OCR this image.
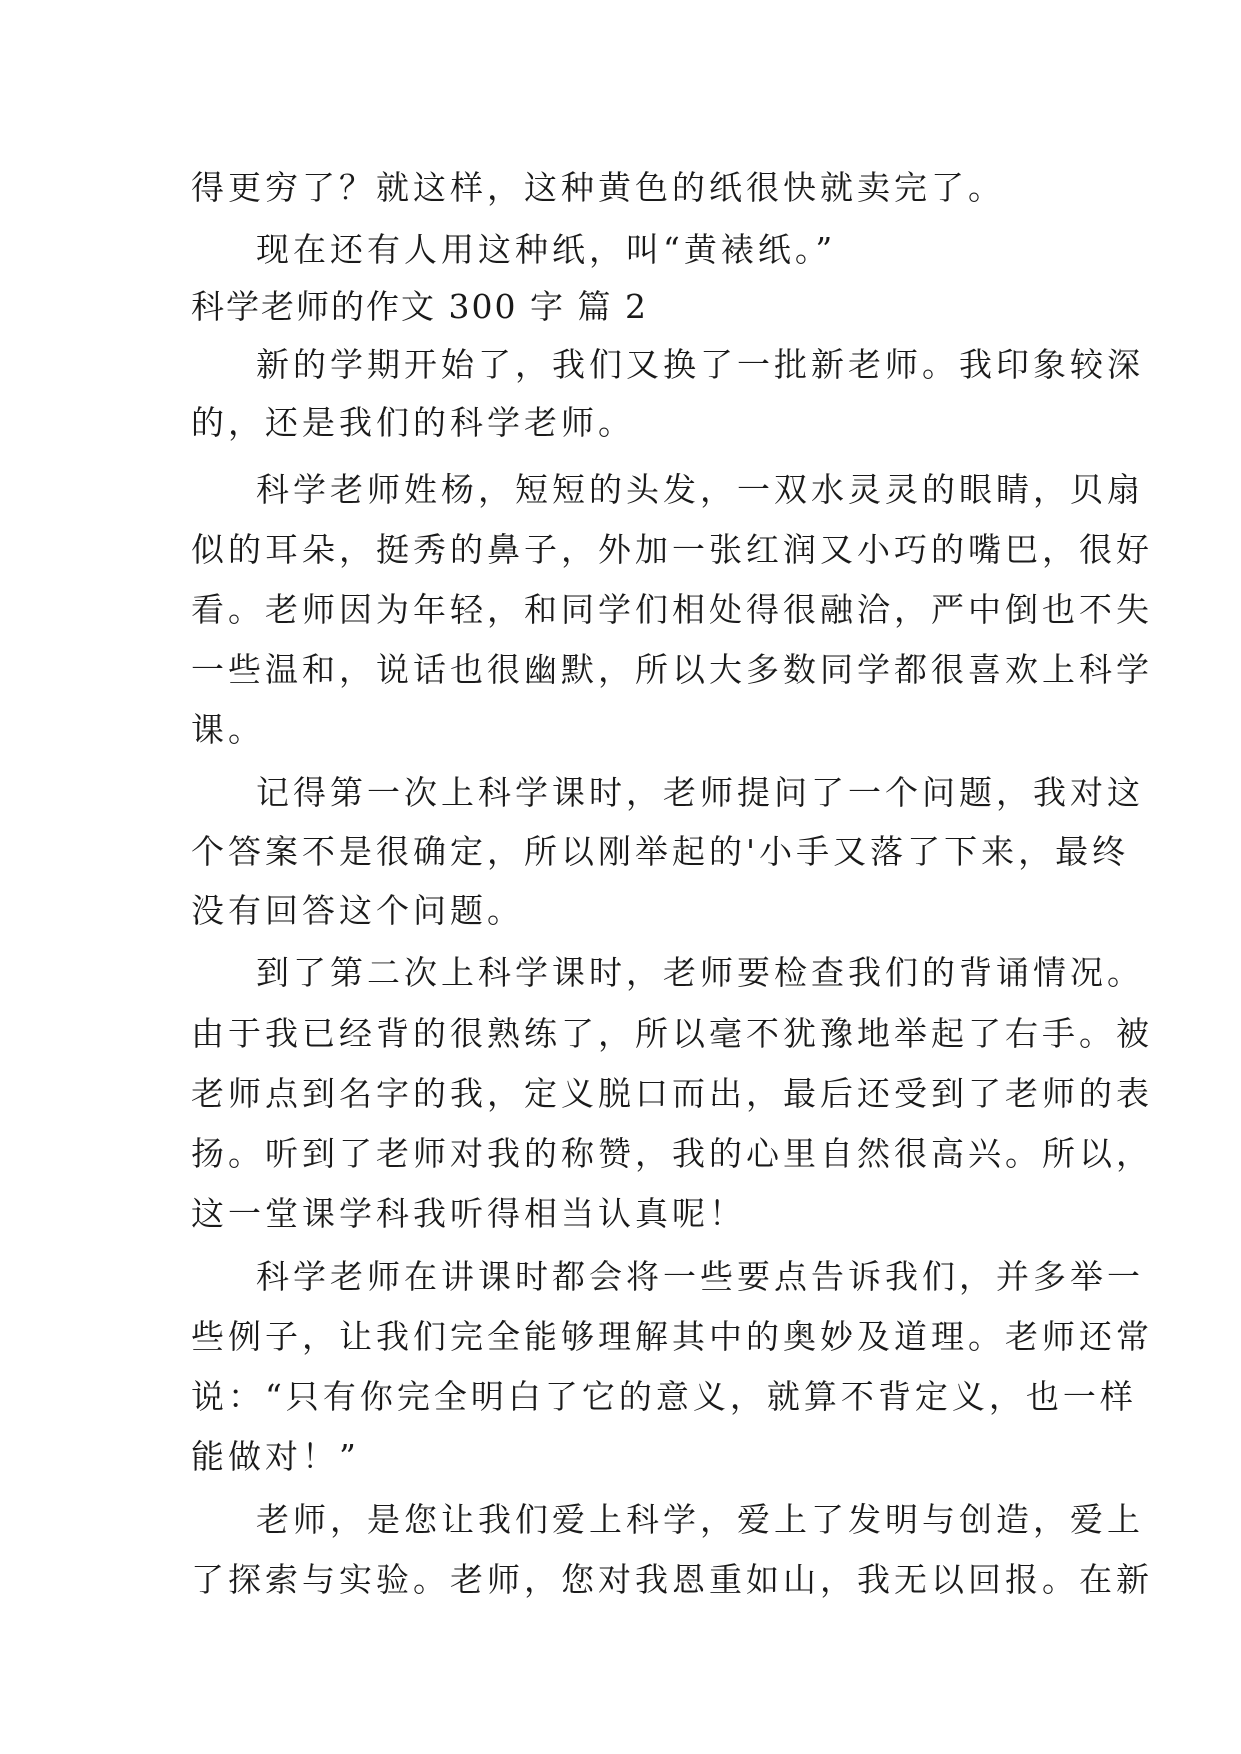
得更穷了？就这样，这种黄色的纸很快就卖完了。
现在还有人用这种纸，叫“黄裱纸。”
科学老师的作文 300 字 篇 2
新的学期开始了，我们又换了一批新老师。我印象较深
的，还是我们的科学老师。
科学老师姓杨，短短的头发，一双水灵灵的眼睛，贝扇
似的耳朵，挺秀的鼻子，外加一张红润又小巧的嘴巴，很好
看。老师因为年轻，和同学们相处得很融洽，严中倒也不失
一些温和，说话也很幽默，所以大多数同学都很喜欢上科学
课。
记得第一次上科学课时，老师提问了一个问题，我对这
个答案不是很确定，所以刚举起的'小手又落了下来，最终
没有回答这个问题。
到了第二次上科学课时，老师要检查我们的背诵情况。
由于我已经背的很熟练了，所以毫不犹豫地举起了右手。被
老师点到名字的我，定义脱口而出，最后还受到了老师的表
扬。听到了老师对我的称赞，我的心里自然很高兴。所以，
这一堂课学科我听得相当认真呢！
科学老师在讲课时都会将一些要点告诉我们，并多举一
些例子，让我们完全能够理解其中的奥妙及道理。老师还常
说：“只有你完全明白了它的意义，就算不背定义，也一样
能做对！”
老师，是您让我们爱上科学，爱上了发明与创造，爱上
了探索与实验。老师，您对我恩重如山，我无以回报。在新
